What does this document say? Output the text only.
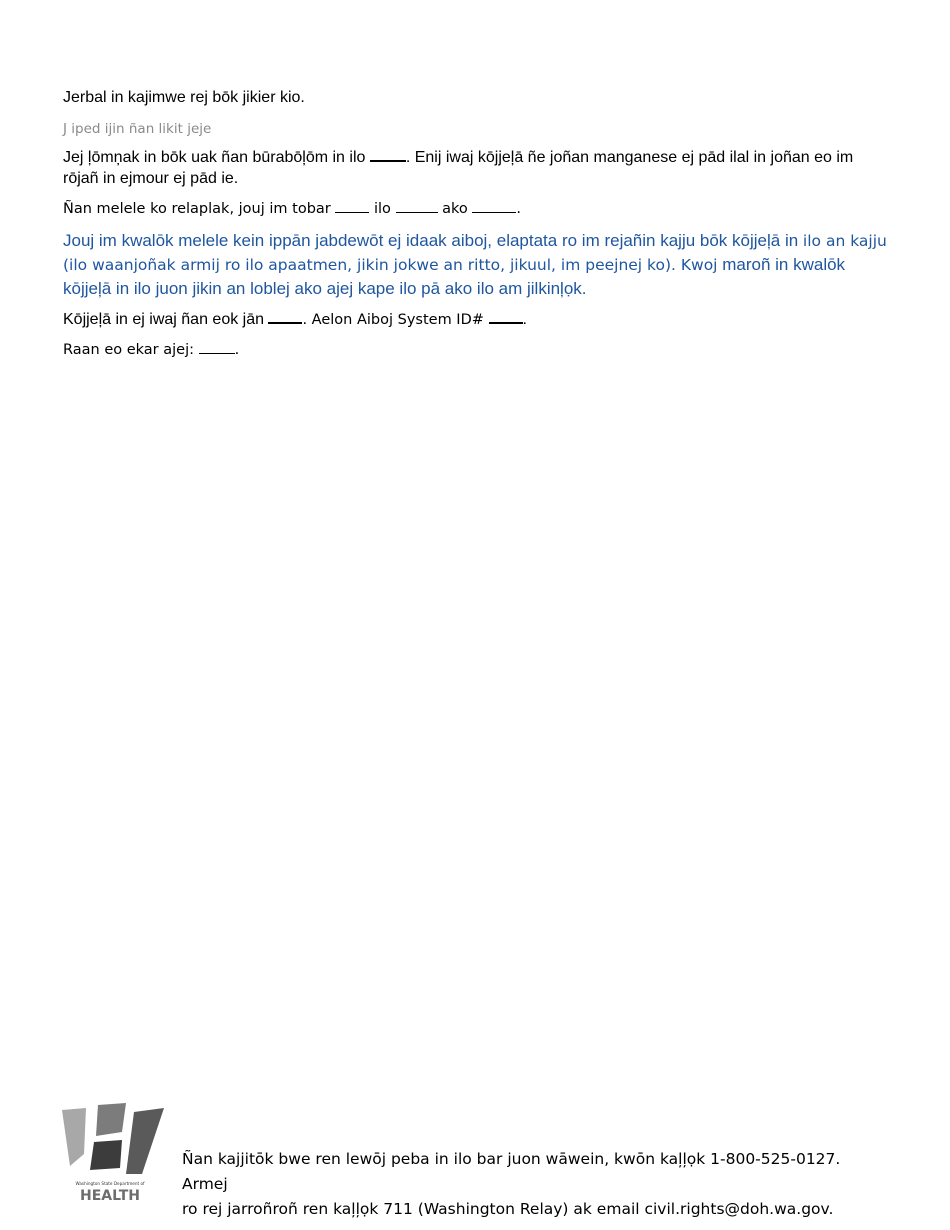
Jerbal in kajimwe rej bōk jikier kio.

J iped ijin ñan likit jeje

Jej ļōmņak in bōk uak ñan būrabōļōm in ilo . Enij iwaj kōjjeļā ñe joñan manganese ej pād ilal in joñan eo im rōjañ in ejmour ej pād ie.

Ñan melele ko relaplak, jouj im tobar  ilo	ako	.

Jouj im kwalōk melele kein ippān jabdewōt ej idaak aiboj, elaptata ro im rejañin kajju bōk kōjjeļā in ilo an kajju (ilo waanjoñak armij ro ilo apaatmen, jikin jokwe an ritto, jikuul, im peejnej ko). Kwoj maroñ in kwalōk kōjjeļā in ilo juon jikin an loblej ako ajej kape ilo pā ako ilo am jilkinļọk.

Kōjjeļā in ej iwaj ñan eok jān . Aelon Aiboj System ID# .

Raan eo ekar ajej: .

Washington State Department of
HEALTH
Ñan kajjitōk bwe ren lewōj peba in ilo bar juon wāwein, kwōn kaļļọk 1-800-525-0127. Armej
ro rej jarroñroñ ren kaļļọk 711 (Washington Relay) ak email civil.rights@doh.wa.gov.
